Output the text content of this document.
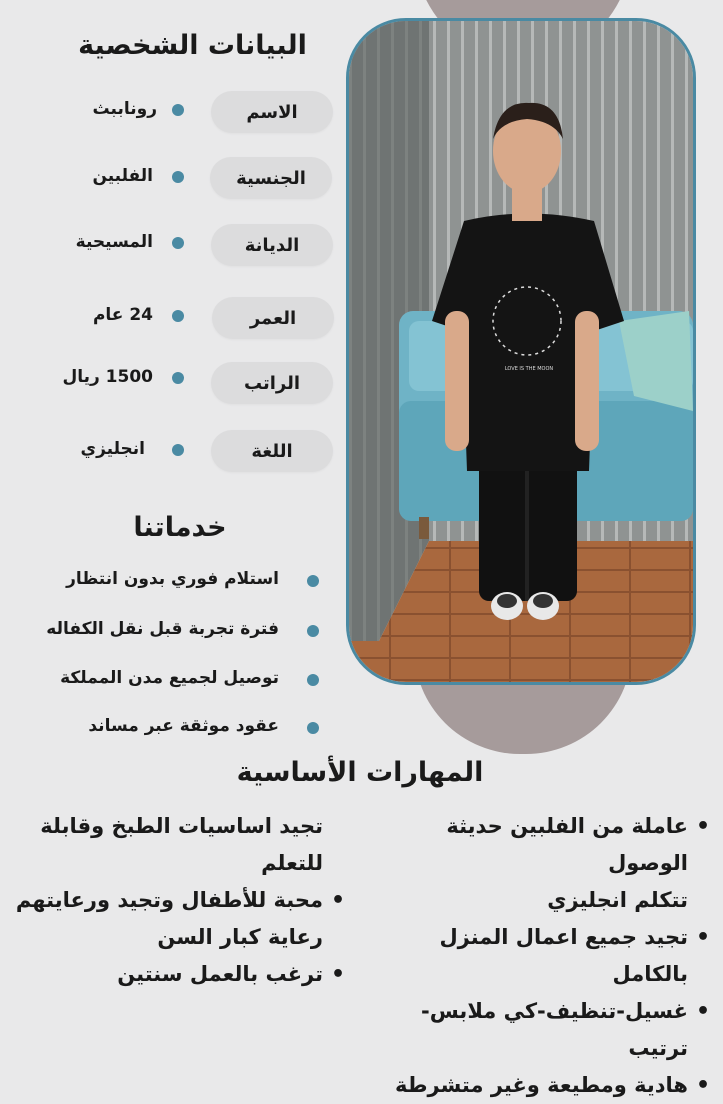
البيانات الشخصية
الاسم
روناببث
الجنسية
الفلبين
الديانة
المسيحية
العمر
24 عام
الراتب
1500 ريال
اللغة
انجليزي
خدماتنا
استلام فوري بدون انتظار
فترة تجربة قبل نقل الكفاله
توصيل لجميع مدن المملكة
عقود موثقة عبر مساند
LOVE IS THE MOON
المهارات الأساسية
• عاملة من الفلبين حديثة الوصول
تتكلم انجليزي
• تجيد جميع اعمال المنزل بالكامل
• غسيل-تنظيف-كي ملابس-ترتيب
• هادية ومطيعة وغير متشرطة
تجيد اساسيات الطبخ وقابلة
للتعلم
• محبة للأطفال وتجيد ورعايتهم
رعاية كبار السن
• ترغب بالعمل سنتين
